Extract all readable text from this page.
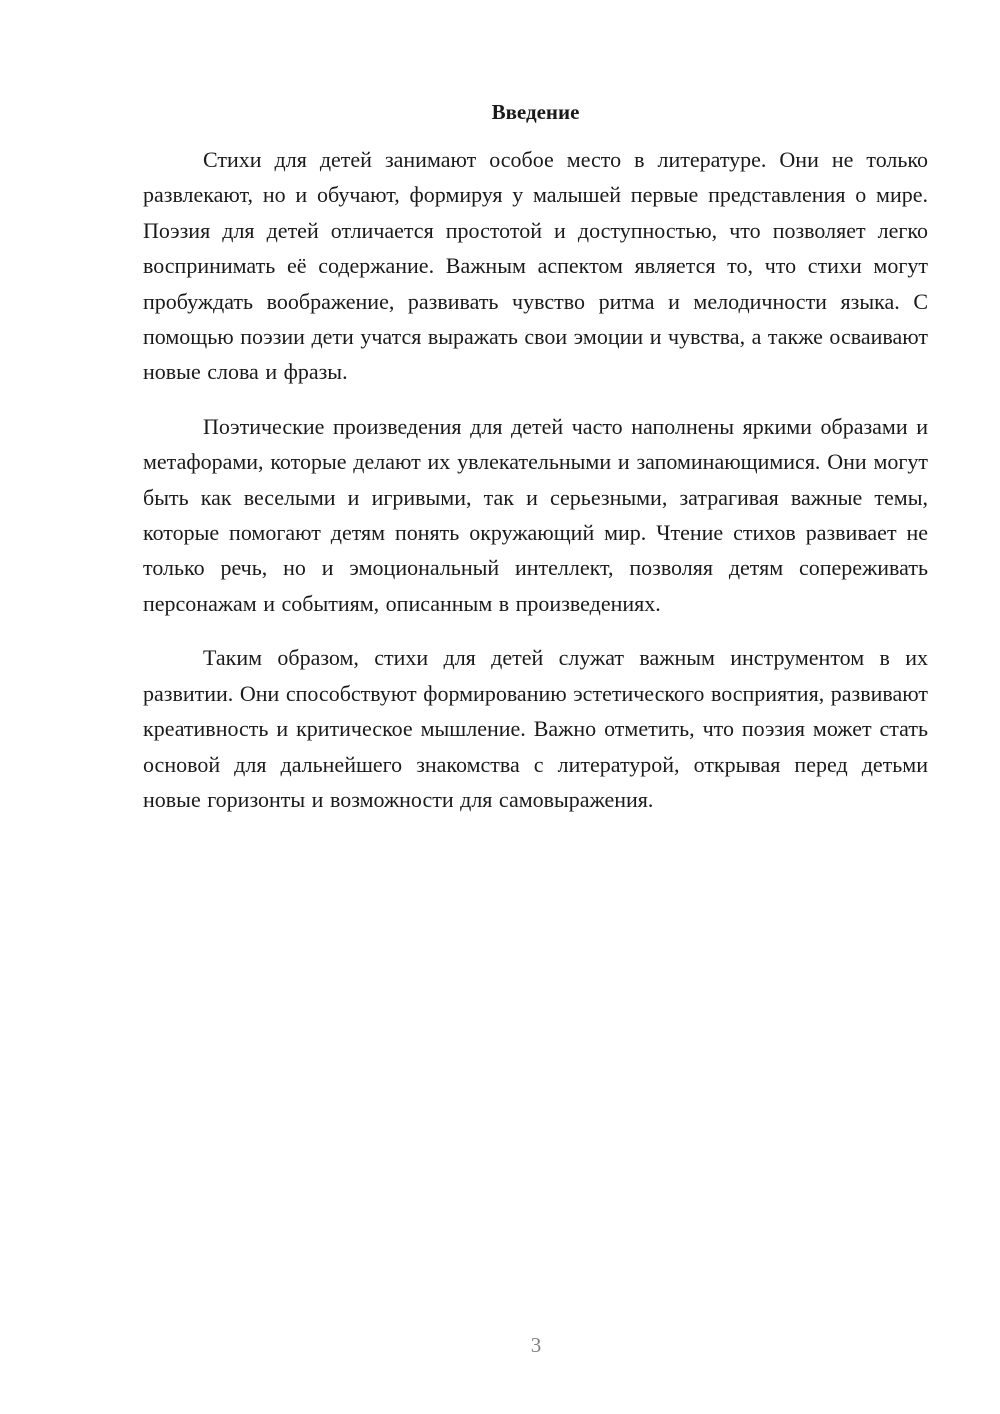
Введение

Стихи для детей занимают особое место в литературе. Они не только развлекают, но и обучают, формируя у малышей первые представления о мире. Поэзия для детей отличается простотой и доступностью, что позволяет легко воспринимать её содержание. Важным аспектом является то, что стихи могут пробуждать воображение, развивать чувство ритма и мелодичности языка. С помощью поэзии дети учатся выражать свои эмоции и чувства, а также осваивают новые слова и фразы.

Поэтические произведения для детей часто наполнены яркими образами и метафорами, которые делают их увлекательными и запоминающимися. Они могут быть как веселыми и игривыми, так и серьезными, затрагивая важные темы, которые помогают детям понять окружающий мир. Чтение стихов развивает не только речь, но и эмоциональный интеллект, позволяя детям сопереживать персонажам и событиям, описанным в произведениях.

Таким образом, стихи для детей служат важным инструментом в их развитии. Они способствуют формированию эстетического восприятия, развивают креативность и критическое мышление. Важно отметить, что поэзия может стать основой для дальнейшего знакомства с литературой, открывая перед детьми новые горизонты и возможности для самовыражения.

3
